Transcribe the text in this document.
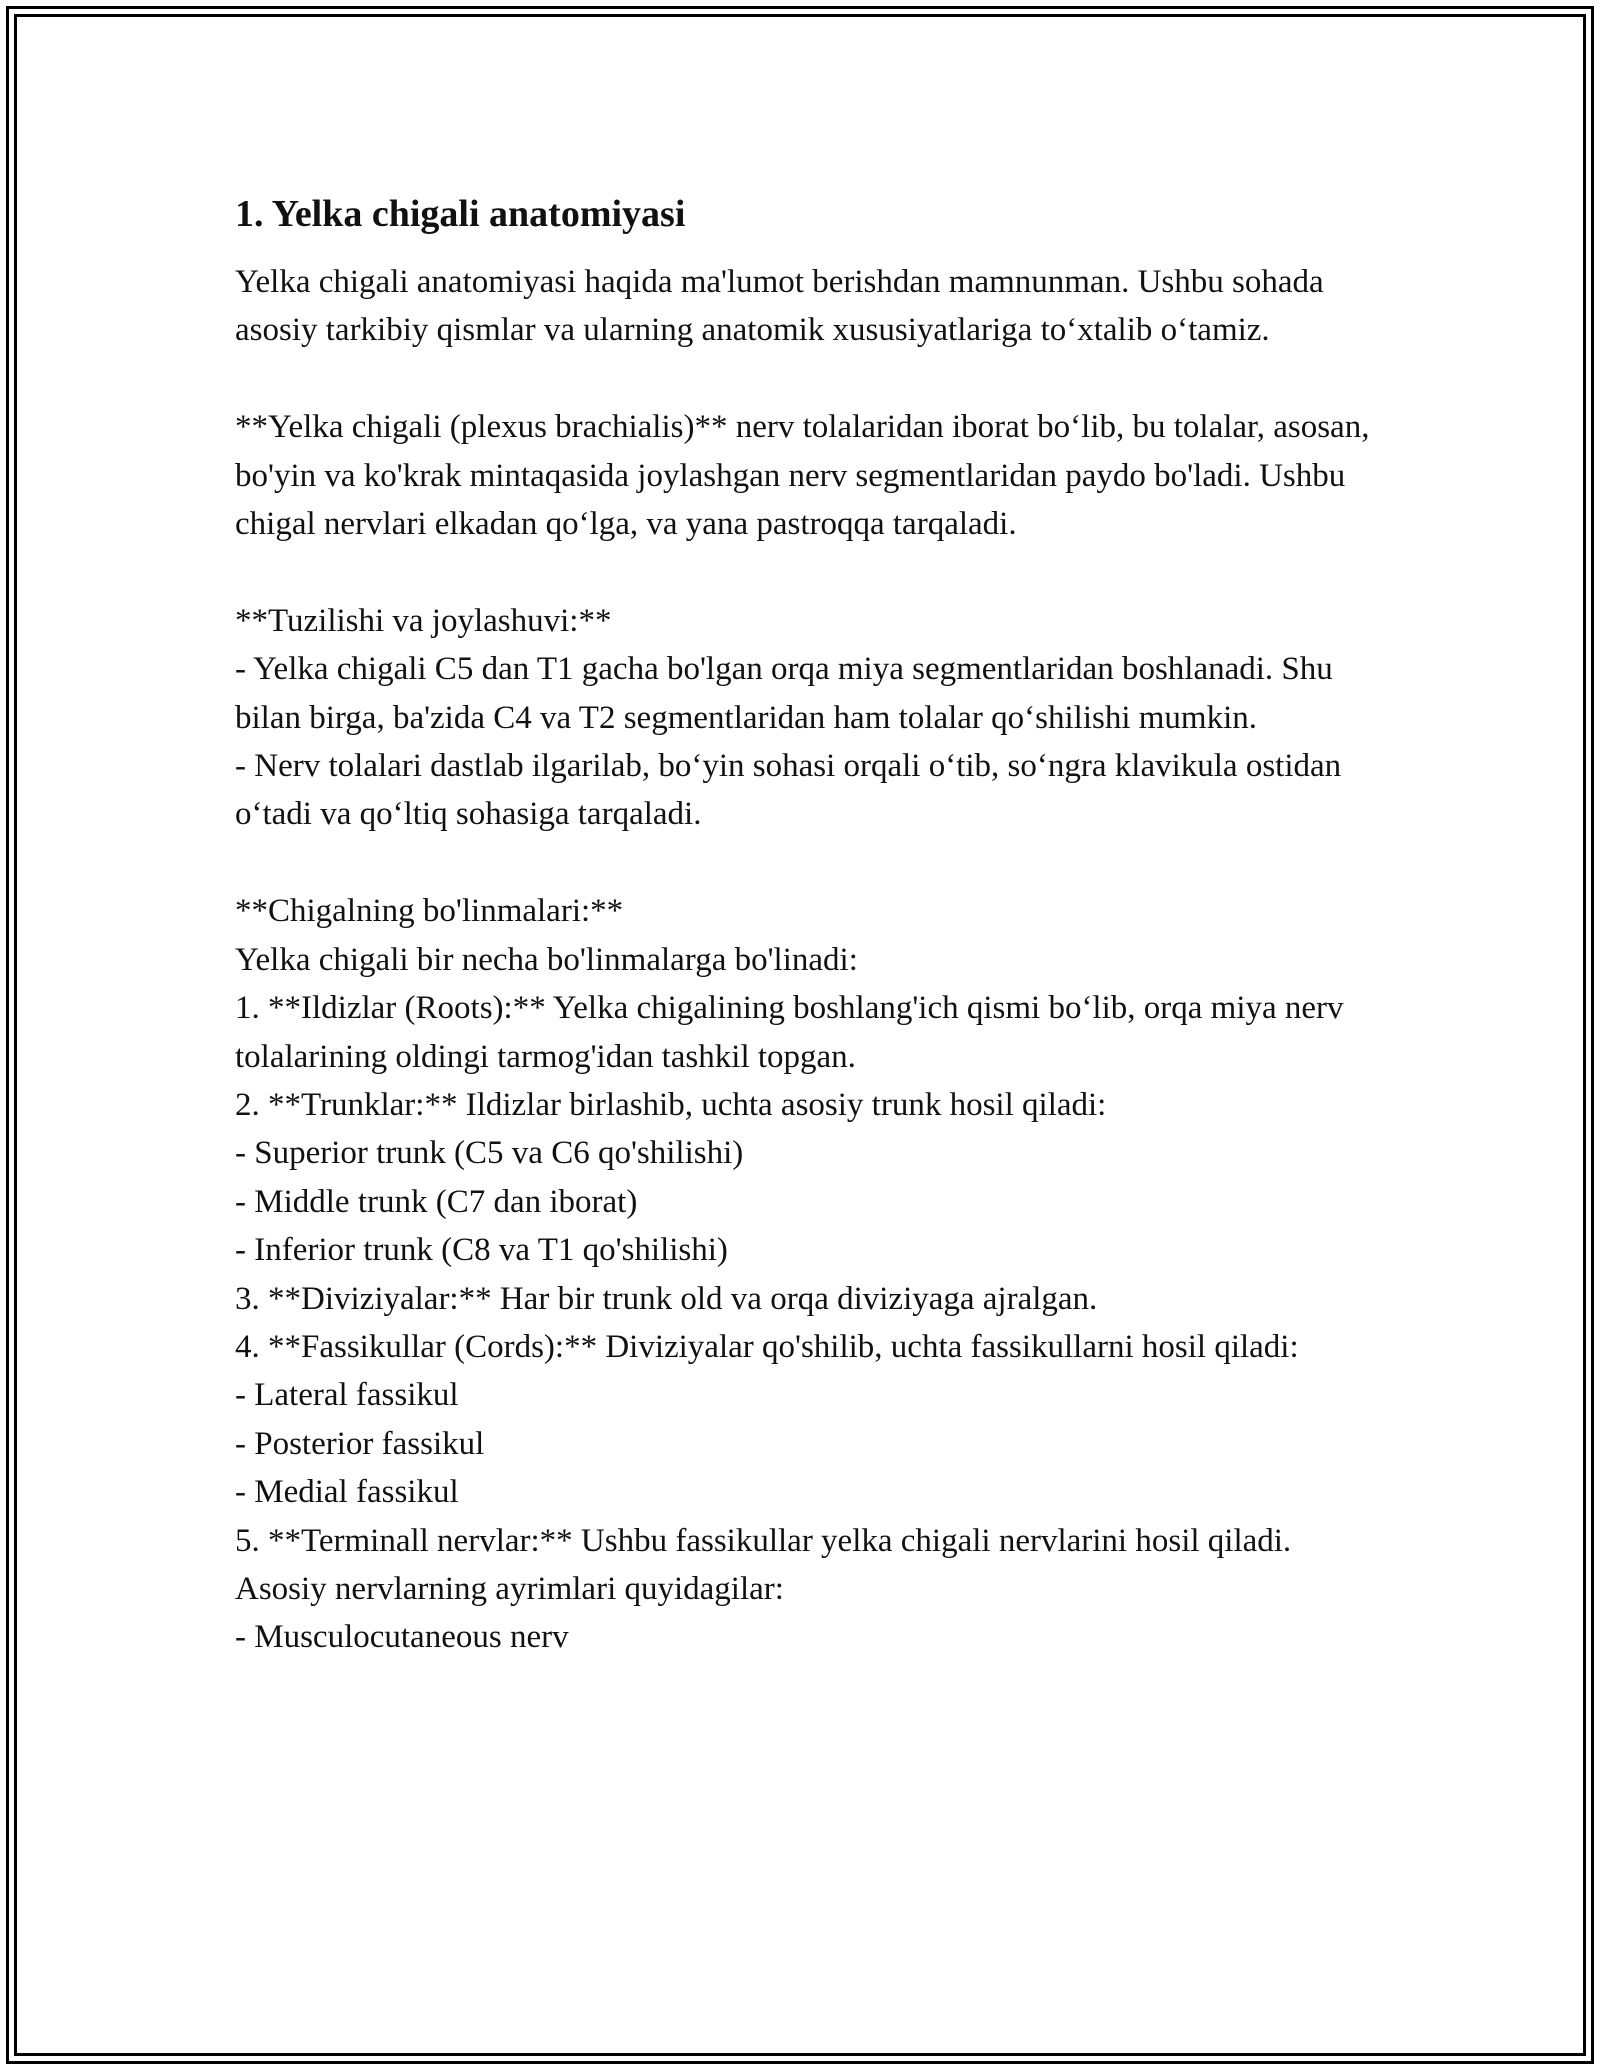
1. Yelka chigali anatomiyasi

Yelka chigali anatomiyasi haqida ma'lumot berishdan mamnunman. Ushbu sohada asosiy tarkibiy qismlar va ularning anatomik xususiyatlariga to‘xtalib o‘tamiz.

**Yelka chigali (plexus brachialis)** nerv tolalaridan iborat bo‘lib, bu tolalar, asosan, bo'yin va ko'krak mintaqasida joylashgan nerv segmentlaridan paydo bo'ladi. Ushbu chigal nervlari elkadan qo‘lga, va yana pastroqqa tarqaladi.

**Tuzilishi va joylashuvi:**
- Yelka chigali C5 dan T1 gacha bo'lgan orqa miya segmentlaridan boshlanadi. Shu bilan birga, ba'zida C4 va T2 segmentlaridan ham tolalar qo‘shilishi mumkin.
- Nerv tolalari dastlab ilgarilab, bo‘yin sohasi orqali o‘tib, so‘ngra klavikula ostidan o‘tadi va qo‘ltiq sohasiga tarqaladi.

**Chigalning bo'linmalari:**
Yelka chigali bir necha bo'linmalarga bo'linadi:
1. **Ildizlar (Roots):** Yelka chigalining boshlang'ich qismi bo‘lib, orqa miya nerv tolalarining oldingi tarmog'idan tashkil topgan.
2. **Trunklar:** Ildizlar birlashib, uchta asosiy trunk hosil qiladi:
- Superior trunk (C5 va C6 qo'shilishi)
- Middle trunk (C7 dan iborat)
- Inferior trunk (C8 va T1 qo'shilishi)
3. **Diviziyalar:** Har bir trunk old va orqa diviziyaga ajralgan.
4. **Fassikullar (Cords):** Diviziyalar qo'shilib, uchta fassikullarni hosil qiladi:
- Lateral fassikul
- Posterior fassikul
- Medial fassikul
5. **Terminall nervlar:** Ushbu fassikullar yelka chigali nervlarini hosil qiladi. Asosiy nervlarning ayrimlari quyidagilar:
- Musculocutaneous nerv
